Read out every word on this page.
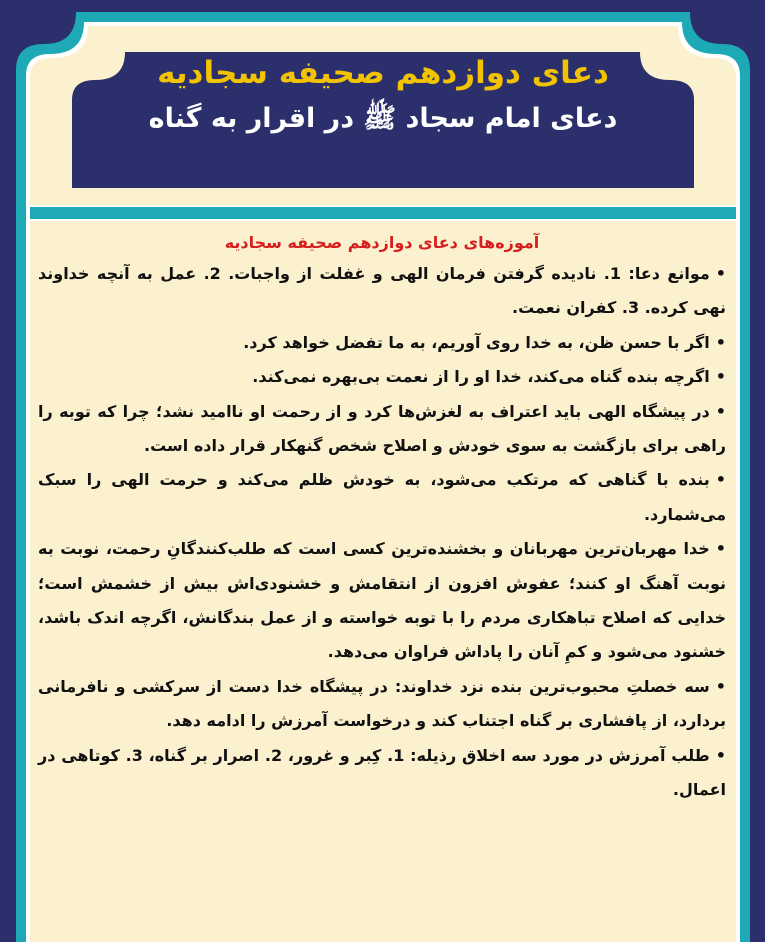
دعای دوازدهم صحیفه سجادیه
دعای امام سجاد ﷺ در اقرار به گناه
آموزه‌های دعای دوازدهم صحیفه سجادیه

•موانع دعا: 1. نادیده گرفتن فرمان الهی و غفلت از واجبات. 2. عمل به آنچه خداوند نهی کرده. 3. کفران نعمت.

•اگر با حسن ظن، به خدا روی آوریم، به ما تفضل خواهد کرد.

•اگرچه بنده گناه می‌کند، خدا او را از نعمت بی‌بهره نمی‌کند.

•در پیشگاه الهی باید اعتراف به لغزش‌ها کرد و از رحمت او ناامید نشد؛ چرا که توبه را راهی برای بازگشت به سوی خودش و اصلاح شخص گنهکار قرار داده است.

•بنده با گناهی که مرتکب می‌شود، به خودش ظلم می‌کند و حرمت الهی را سبک می‌شمارد.

•خدا مهربان‌ترین مهربانان و بخشنده‌ترین کسی است که طلب‌کنندگانِ رحمت، نوبت به نوبت آهنگ او کنند؛ عفوش افزون از انتقامش و خشنودی‌اش بیش از خشمش است؛ خدایی که اصلاح تباهکاری مردم را با توبه خواسته و از عمل بندگانش، اگرچه اندک باشد، خشنود می‌شود و کمِ آنان را پاداش فراوان می‌دهد.

•سه خصلتِ محبوب‌ترین بنده نزد خداوند: در پیشگاه خدا دست از سرکشی و نافرمانی بردارد، از پافشاری بر گناه اجتناب کند و درخواست آمرزش را ادامه دهد.

•طلب آمرزش در مورد سه اخلاق رذیله: 1. کِبر و غرور، 2. اصرار بر گناه، 3. کوتاهی در اعمال.
